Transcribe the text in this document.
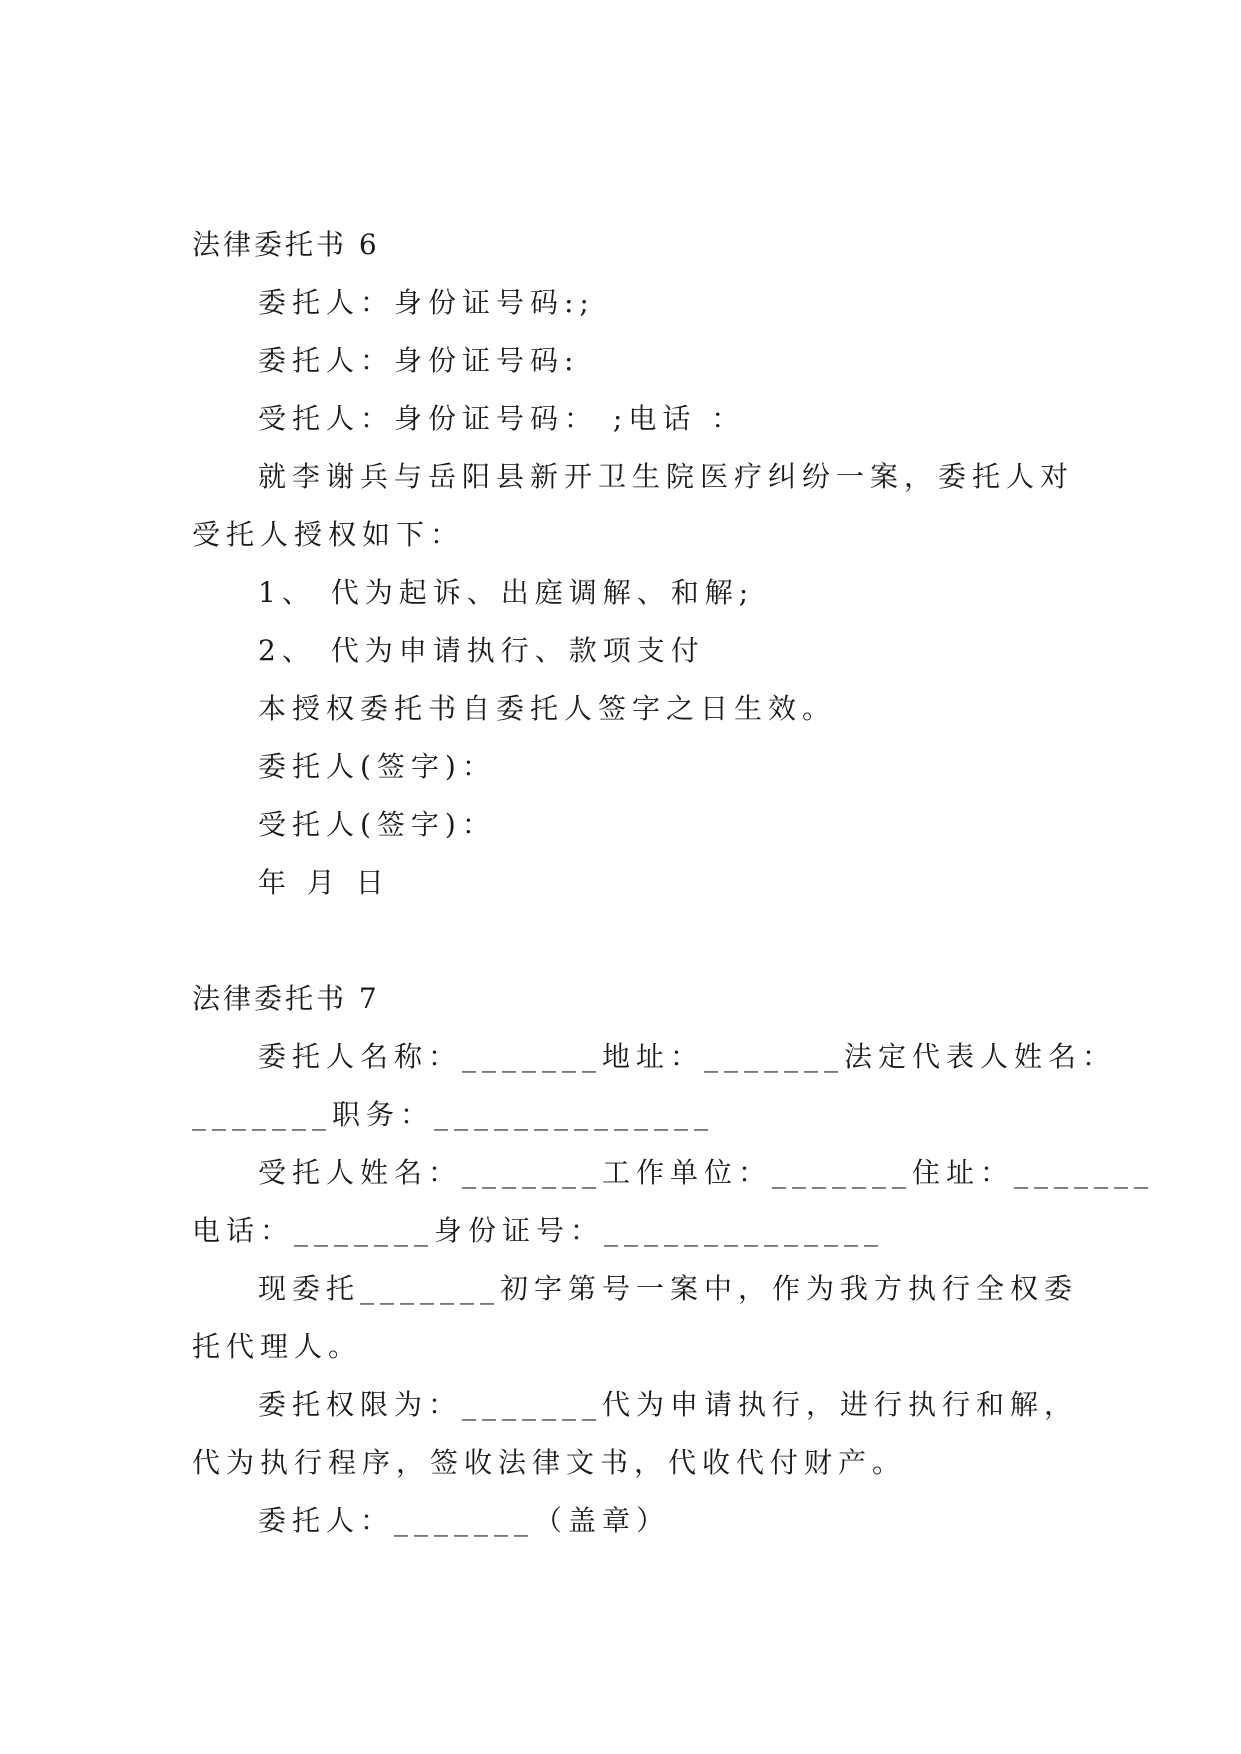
法律委托书 6
委托人：身份证号码:;
委托人：身份证号码:
受托人：身份证号码： ;电话 ：
就李谢兵与岳阳县新开卫生院医疗纠纷一案，委托人对
受托人授权如下：
1、 代为起诉、出庭调解、和解;
2、 代为申请执行、款项支付
本授权委托书自委托人签字之日生效。
委托人(签字)：
受托人(签字)：
年 月 日
法律委托书 7
委托人名称：_______地址：_______法定代表人姓名：
_______职务：______________
受托人姓名：_______工作单位：_______住址：_______
电话：_______身份证号：______________
现委托_______初字第号一案中，作为我方执行全权委
托代理人。
委托权限为：_______代为申请执行，进行执行和解，
代为执行程序，签收法律文书，代收代付财产。
委托人：_______（盖章）
